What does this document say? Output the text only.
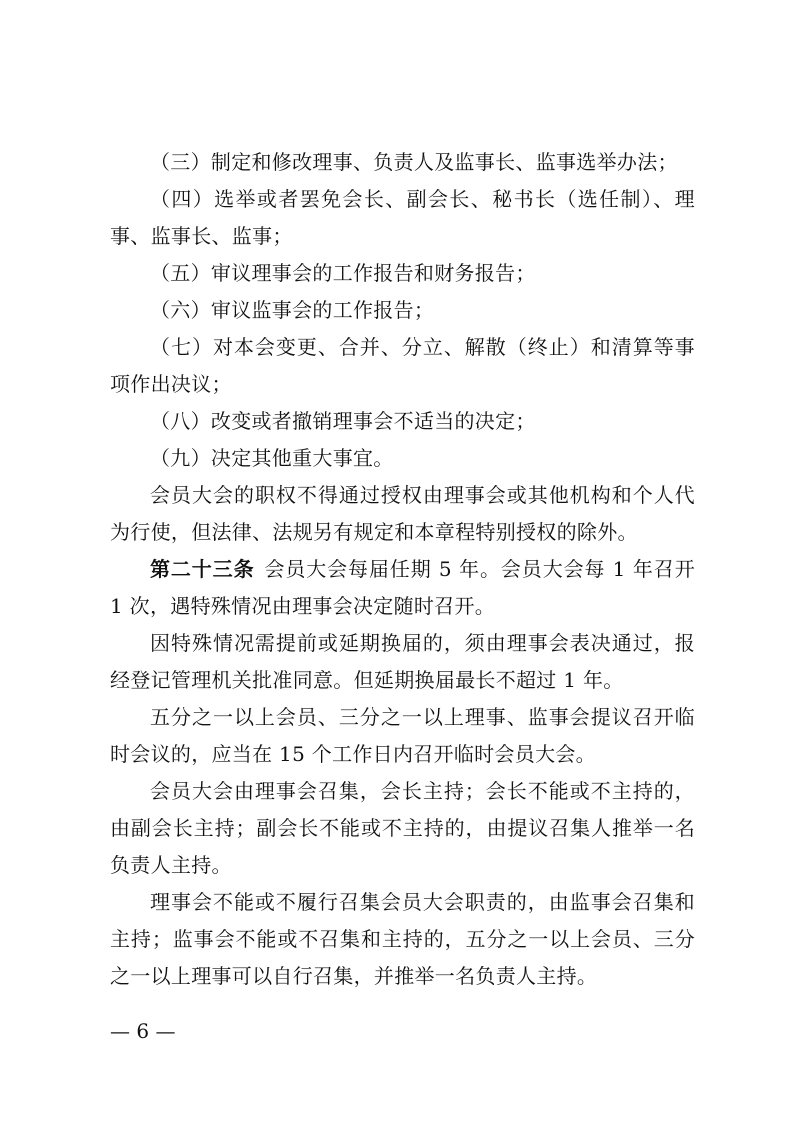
（三）制定和修改理事、负责人及监事长、监事选举办法；

（四）选举或者罢免会长、副会长、秘书长（选任制）、理事、监事长、监事；

（五）审议理事会的工作报告和财务报告；

（六）审议监事会的工作报告；

（七）对本会变更、合并、分立、解散（终止）和清算等事项作出决议；

（八）改变或者撤销理事会不适当的决定；

（九）决定其他重大事宜。

会员大会的职权不得通过授权由理事会或其他机构和个人代为行使，但法律、法规另有规定和本章程特别授权的除外。

第二十三条 会员大会每届任期 5 年。会员大会每 1 年召开 1 次，遇特殊情况由理事会决定随时召开。

因特殊情况需提前或延期换届的，须由理事会表决通过，报经登记管理机关批准同意。但延期换届最长不超过 1 年。

五分之一以上会员、三分之一以上理事、监事会提议召开临时会议的，应当在 15 个工作日内召开临时会员大会。

会员大会由理事会召集，会长主持；会长不能或不主持的，由副会长主持；副会长不能或不主持的，由提议召集人推举一名负责人主持。

理事会不能或不履行召集会员大会职责的，由监事会召集和主持；监事会不能或不召集和主持的，五分之一以上会员、三分之一以上理事可以自行召集，并推举一名负责人主持。

— 6 —
